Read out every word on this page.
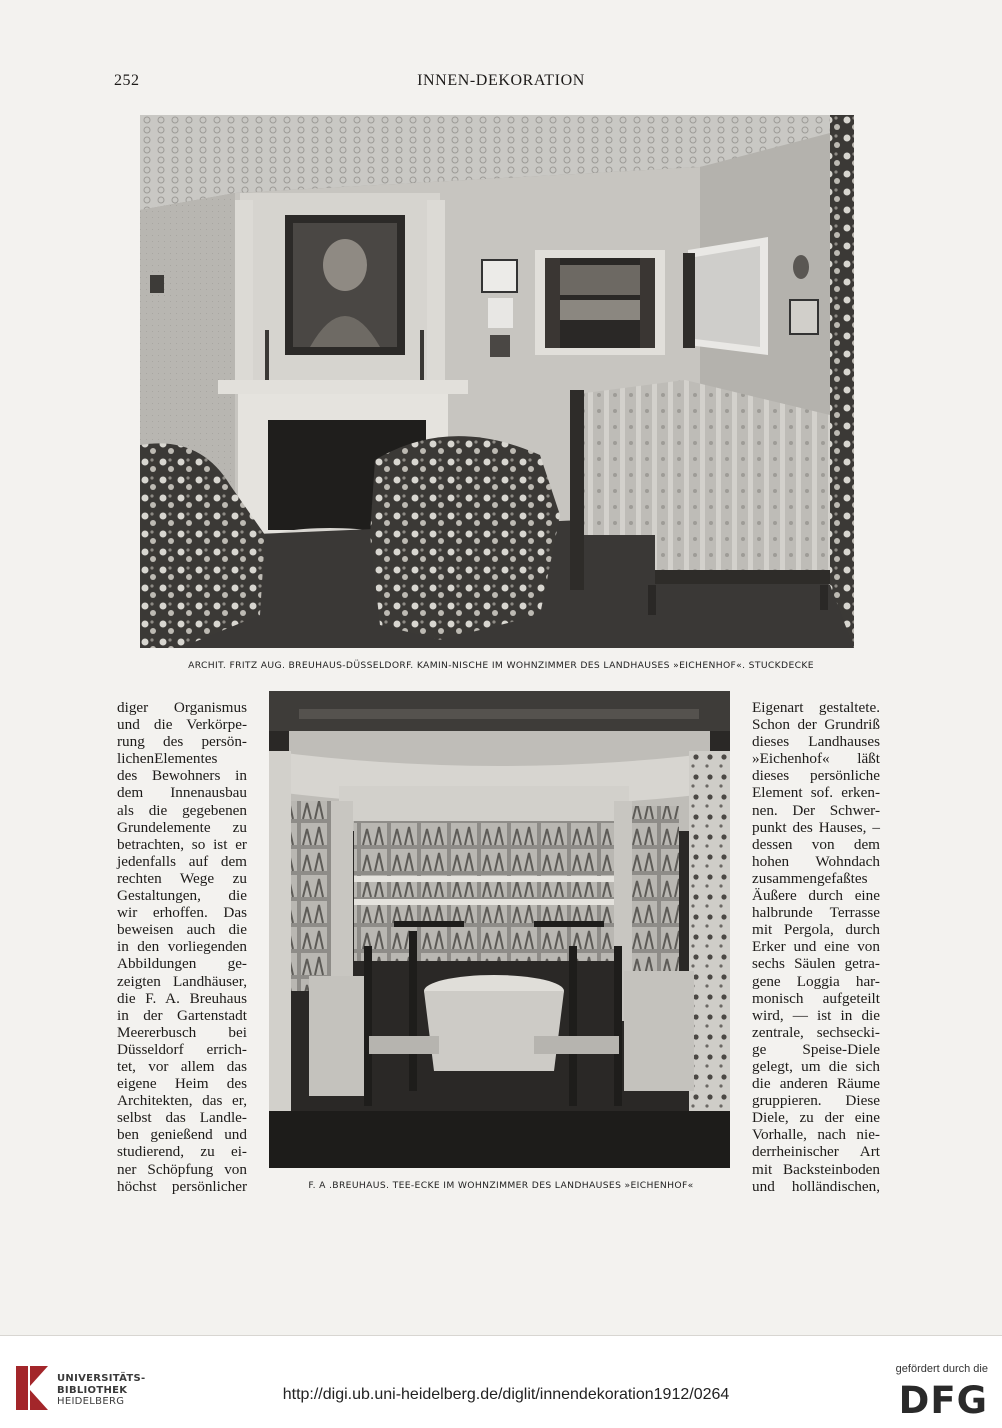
252	INNEN-DEKORATION
ARCHIT. FRITZ AUG. BREUHAUS-DÜSSELDORF. KAMIN-NISCHE IM WOHNZIMMER DES LANDHAUSES »EICHENHOF«. STUCKDECKE
diger Organismus
und die Verkörpe-
rung des persön-
lichenElementes
des Bewohners in
dem Innenausbau
als die gegebenen
Grundelemente zu
betrachten, so ist er
jedenfalls auf dem
rechten Wege zu
Gestaltungen, die
wir erhoffen. Das
beweisen auch die
in den vorliegenden
Abbildungen ge-
zeigten Landhäuser,
die F. A. Breuhaus
in der Gartenstadt
Meererbusch bei
Düsseldorf errich-
tet, vor allem das
eigene Heim des
Architekten, das er,
selbst das Landle-
ben genießend und
studierend, zu ei-
ner Schöpfung von
höchst persönlicher	F. A .BREUHAUS. TEE-ECKE IM WOHNZIMMER DES LANDHAUSES »EICHENHOF«
Eigenart gestaltete.
Schon der Grundriß
dieses Landhauses
»Eichenhof« läßt
dieses persönliche
Element sof. erken-
nen. Der Schwer-
punkt des Hauses, –
dessen von dem
hohen Wohndach
zusammengefaßtes
Äußere durch eine
halbrunde Terrasse
mit Pergola, durch
Erker und eine von
sechs Säulen getra-
gene Loggia har-
monisch aufgeteilt
wird, — ist in die
zentrale, sechsecki-
ge Speise-Diele
gelegt, um die sich
die anderen Räume
gruppieren. Diese
Diele, zu der eine
Vorhalle, nach nie-
derrheinischer Art
mit Backsteinboden
und holländischen,
UNIVERSITÄTS-
BIBLIOTHEK
HEIDELBERG	http://digi.ub.uni-heidelberg.de/diglit/innendekoration1912/0264
gefördert durch die
DFG
